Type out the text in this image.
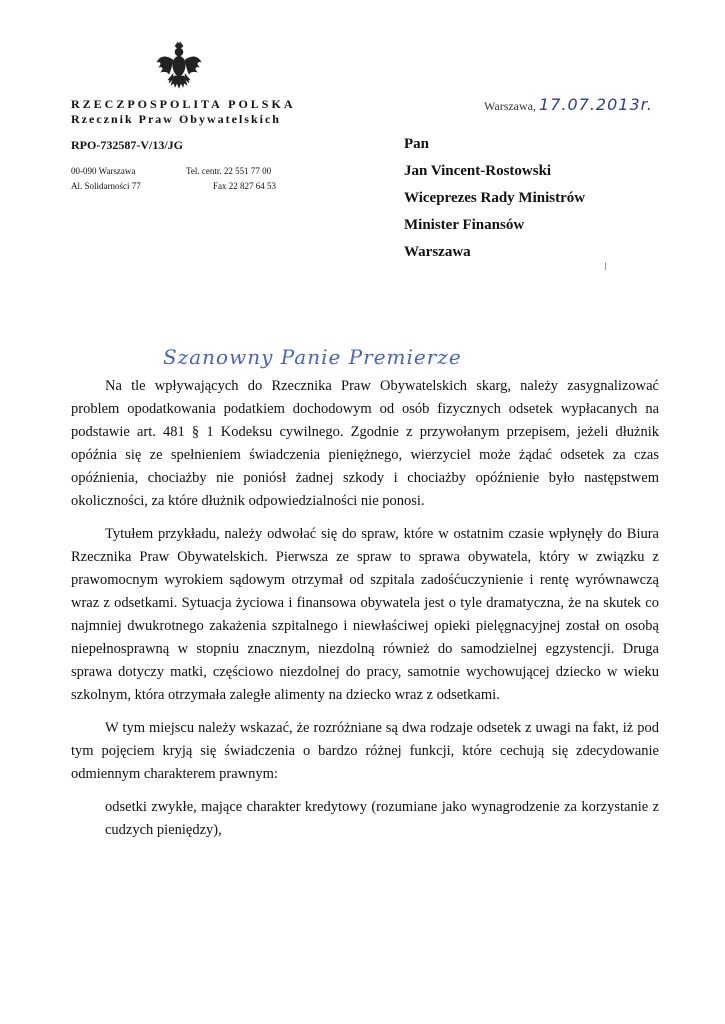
RZECZPOSPOLITA POLSKA
Rzecznik Praw Obywatelskich
RPO-732587-V/13/JG
00-090 Warszawa
Al. Solidarności 77
Tel. centr. 22 551 77 00
Fax 22 827 64 53
Warszawa, 17.07.2013r.
Pan
Jan Vincent-Rostowski
Wiceprezes Rady Ministrów
Minister Finansów
Warszawa
Szanowny Panie Premierze

Na tle wpływających do Rzecznika Praw Obywatelskich skarg, należy zasygnalizować problem opodatkowania podatkiem dochodowym od osób fizycznych odsetek wypłacanych na podstawie art. 481 § 1 Kodeksu cywilnego. Zgodnie z przywołanym przepisem, jeżeli dłużnik opóźnia się ze spełnieniem świadczenia pieniężnego, wierzyciel może żądać odsetek za czas opóźnienia, chociażby nie poniósł żadnej szkody i chociażby opóźnienie było następstwem okoliczności, za które dłużnik odpowiedzialności nie ponosi.

Tytułem przykładu, należy odwołać się do spraw, które w ostatnim czasie wpłynęły do Biura Rzecznika Praw Obywatelskich. Pierwsza ze spraw to sprawa obywatela, który w związku z prawomocnym wyrokiem sądowym otrzymał od szpitala zadośćuczynienie i rentę wyrównawczą wraz z odsetkami. Sytuacja życiowa i finansowa obywatela jest o tyle dramatyczna, że na skutek co najmniej dwukrotnego zakażenia szpitalnego i niewłaściwej opieki pielęgnacyjnej został on osobą niepełnosprawną w stopniu znacznym, niezdolną również do samodzielnej egzystencji. Druga sprawa dotyczy matki, częściowo niezdolnej do pracy, samotnie wychowującej dziecko w wieku szkolnym, która otrzymała zaległe alimenty na dziecko wraz z odsetkami.

W tym miejscu należy wskazać, że rozróżniane są dwa rodzaje odsetek z uwagi na fakt, iż pod tym pojęciem kryją się świadczenia o bardzo różnej funkcji, które cechują się zdecydowanie odmiennym charakterem prawnym:

odsetki zwykłe, mające charakter kredytowy (rozumiane jako wynagrodzenie za korzystanie z cudzych pieniędzy),
